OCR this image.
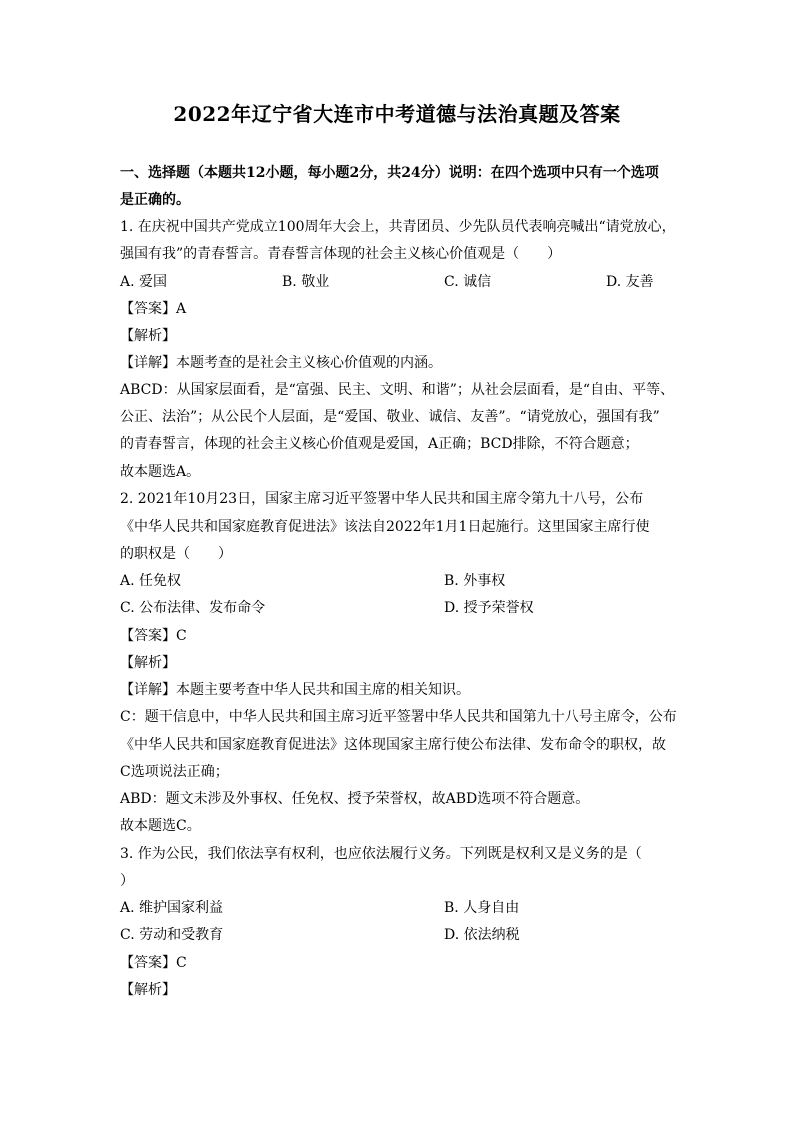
2022年辽宁省大连市中考道德与法治真题及答案
一、选择题（本题共12小题，每小题2分，共24分）说明：在四个选项中只有一个选项
是正确的。
1. 在庆祝中国共产党成立100周年大会上，共青团员、少先队员代表响亮喊出“请党放心，
强国有我”的青春誓言。青春誓言体现的社会主义核心价值观是（　　）
A. 爱国	B. 敬业	C. 诚信	D. 友善
【答案】A
【解析】
【详解】本题考查的是社会主义核心价值观的内涵。
ABCD：从国家层面看，是“富强、民主、文明、和谐”；从社会层面看，是“自由、平等、
公正、法治”；从公民个人层面，是“爱国、敬业、诚信、友善”。“请党放心，强国有我”
的青春誓言，体现的社会主义核心价值观是爱国，A正确；BCD排除，不符合题意；
故本题选A。
2. 2021年10月23日，国家主席习近平签署中华人民共和国主席令第九十八号，公布
《中华人民共和国家庭教育促进法》该法自2022年1月1日起施行。这里国家主席行使
的职权是（　　）
A. 任免权	B. 外事权
C. 公布法律、发布命令	D. 授予荣誉权
【答案】C
【解析】
【详解】本题主要考查中华人民共和国主席的相关知识。
C：题干信息中，中华人民共和国主席习近平签署中华人民共和国第九十八号主席令，公布
《中华人民共和国家庭教育促进法》这体现国家主席行使公布法律、发布命令的职权，故
C选项说法正确；
ABD：题文未涉及外事权、任免权、授予荣誉权，故ABD选项不符合题意。
故本题选C。
3. 作为公民，我们依法享有权利，也应依法履行义务。下列既是权利又是义务的是（
）
A. 维护国家利益	B. 人身自由
C. 劳动和受教育	D. 依法纳税
【答案】C
【解析】
